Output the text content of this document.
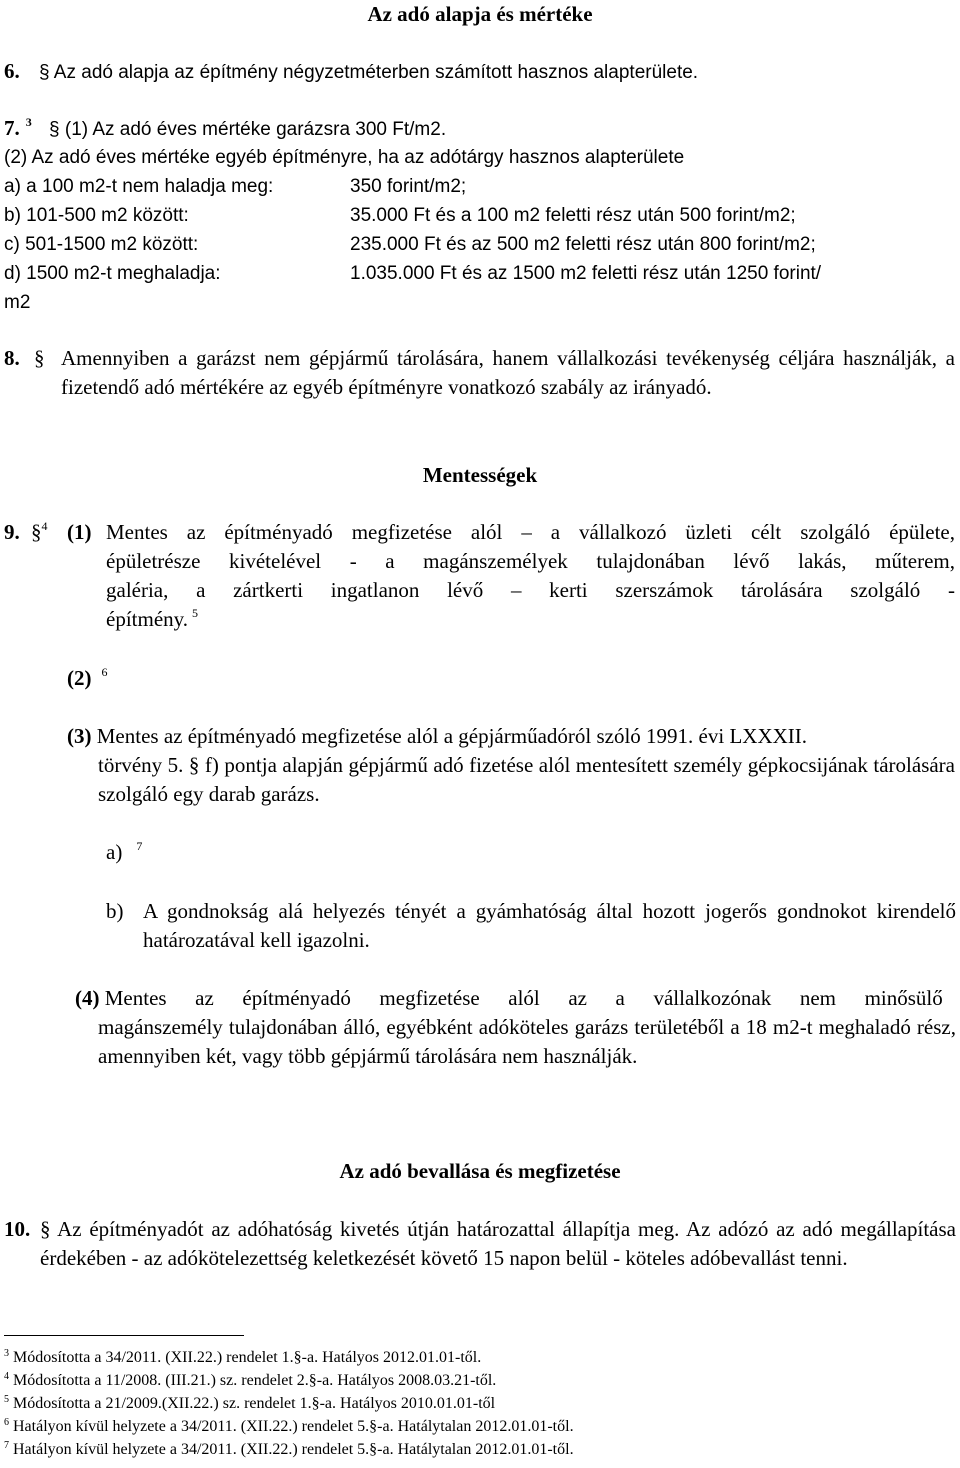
Az adó alapja és mértéke
6. § Az adó alapja az építmény négyzetméterben számított hasznos alapterülete.
7. $^3$ § (1) Az adó éves mértéke garázsra 300 Ft/m2.
(2) Az adó éves mértéke egyéb építményre, ha az adótárgy hasznos alapterülete
a) a 100 m2-t nem haladja meg:	350 forint/m2;
b) 101-500 m2 között:	35.000 Ft és a 100 m2 feletti rész után 500 forint/m2;
c) 501-1500 m2 között:	235.000 Ft és az 500 m2 feletti rész után 800 forint/m2;
d) 1500 m2-t meghaladja:	1.035.000 Ft és az 1500 m2 feletti rész után 1250 forint/
m2
8. § Amennyiben a garázst nem gépjármű tárolására, hanem vállalkozási tevékenység céljára használják, a fizetendő adó mértékére az egyéb építményre vonatkozó szabály az irányadó.
Mentességek
9. §$^4$ (1) Mentes az építményadó megfizetése alól – a vállalkozó üzleti célt szolgáló épülete,
épületrésze kivételével - a magánszemélyek tulajdonában lévő lakás, műterem,
galéria, a zártkerti ingatlanon lévő – kerti szerszámok tárolására szolgáló -
építmény. $^5$
(2) $^6$
(3) Mentes az építményadó megfizetése alól a gépjárműadóról szóló 1991. évi LXXXII.
törvény 5. § f) pontja alapján gépjármű adó fizetése alól mentesített személy gépkocsijának tárolására szolgáló egy darab garázs.
a) $^7$
b) A gondnokság alá helyezés tényét a gyámhatóság által hozott jogerős gondnokot kirendelő határozatával kell igazolni.
(4) Mentes az építményadó megfizetése alól az a vállalkozónak nem minősülő
magánszemély tulajdonában álló, egyébként adóköteles garázs területéből a 18 m2-t meghaladó rész, amennyiben két, vagy több gépjármű tárolására nem használják.
Az adó bevallása és megfizetése
10. § Az építményadót az adóhatóság kivetés útján határozattal állapítja meg. Az adózó az adó megállapítása érdekében - az adókötelezettség keletkezését követő 15 napon belül - köteles adóbevallást tenni.
$^3$ Módosította a 34/2011. (XII.22.) rendelet 1.§-a. Hatályos 2012.01.01-től.
$^4$ Módosította a 11/2008. (III.21.) sz. rendelet 2.§-a. Hatályos 2008.03.21-től.
$^5$ Módosította a 21/2009.(XII.22.) sz. rendelet 1.§-a. Hatályos 2010.01.01-től
$^6$ Hatályon kívül helyzete a 34/2011. (XII.22.) rendelet 5.§-a. Hatálytalan 2012.01.01-től.
$^7$ Hatályon kívül helyzete a 34/2011. (XII.22.) rendelet 5.§-a. Hatálytalan 2012.01.01-től.
